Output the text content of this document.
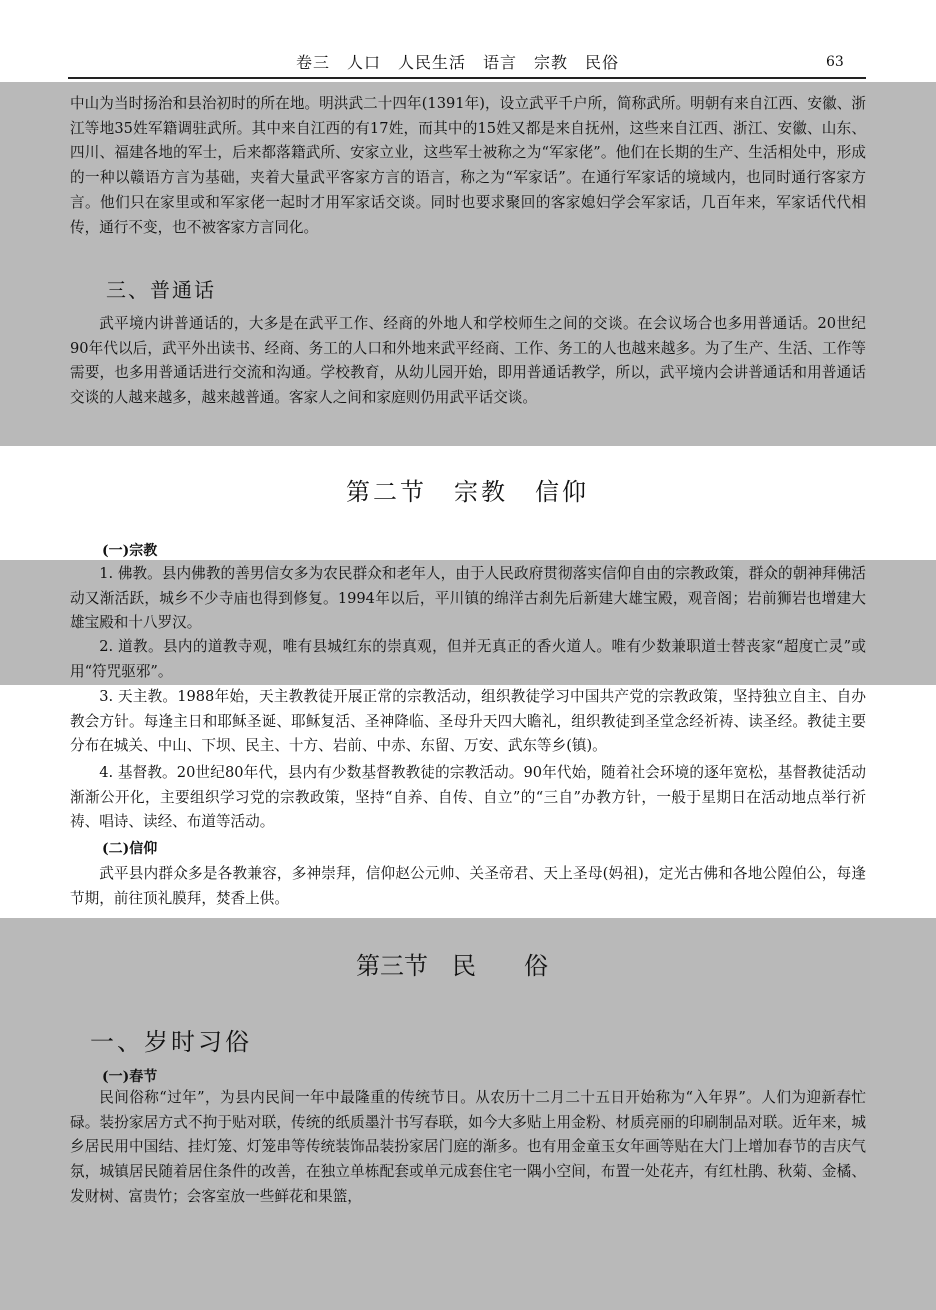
卷三　人口　人民生活　语言　宗教　民俗	63

中山为当时扬治和县治初时的所在地。明洪武二十四年(1391年)，设立武平千户所，简称武所。明朝有来自江西、安徽、浙江等地35姓军籍调驻武所。其中来自江西的有17姓，而其中的15姓又都是来自抚州，这些来自江西、浙江、安徽、山东、四川、福建各地的军士，后来都落籍武所、安家立业，这些军士被称之为“军家佬”。他们在长期的生产、生活相处中，形成的一种以赣语方言为基础，夹着大量武平客家方言的语言，称之为“军家话”。在通行军家话的境域内，也同时通行客家方言。他们只在家里或和军家佬一起时才用军家话交谈。同时也要求聚回的客家媳妇学会军家话，几百年来，军家话代代相传，通行不变，也不被客家方言同化。

三、普通话

武平境内讲普通话的，大多是在武平工作、经商的外地人和学校师生之间的交谈。在会议场合也多用普通话。20世纪90年代以后，武平外出读书、经商、务工的人口和外地来武平经商、工作、务工的人也越来越多。为了生产、生活、工作等需要，也多用普通话进行交流和沟通。学校教育，从幼儿园开始，即用普通话教学，所以，武平境内会讲普通话和用普通话交谈的人越来越多，越来越普通。客家人之间和家庭则仍用武平话交谈。

第二节　宗教　信仰
(一)宗教

1. 佛教。县内佛教的善男信女多为农民群众和老年人，由于人民政府贯彻落实信仰自由的宗教政策，群众的朝神拜佛活动又渐活跃，城乡不少寺庙也得到修复。1994年以后，平川镇的绵洋古刹先后新建大雄宝殿，观音阁；岩前狮岩也增建大雄宝殿和十八罗汉。

2. 道教。县内的道教寺观，唯有县城红东的崇真观，但并无真正的香火道人。唯有少数兼职道士替丧家“超度亡灵”或用“符咒驱邪”。

3. 天主教。1988年始，天主教教徒开展正常的宗教活动，组织教徒学习中国共产党的宗教政策，坚持独立自主、自办教会方针。每逢主日和耶稣圣诞、耶稣复活、圣神降临、圣母升天四大瞻礼，组织教徒到圣堂念经祈祷、读圣经。教徒主要分布在城关、中山、下坝、民主、十方、岩前、中赤、东留、万安、武东等乡(镇)。

4. 基督教。20世纪80年代，县内有少数基督教教徒的宗教活动。90年代始，随着社会环境的逐年宽松，基督教徒活动渐渐公开化，主要组织学习党的宗教政策，坚持“自养、自传、自立”的“三自”办教方针，一般于星期日在活动地点举行祈祷、唱诗、读经、布道等活动。

(二)信仰

武平县内群众多是各教兼容，多神崇拜，信仰赵公元帅、关圣帝君、天上圣母(妈祖)，定光古佛和各地公隍伯公，每逢节期，前往顶礼膜拜，焚香上供。

第三节　民　　俗
一、岁时习俗
(一)春节

民间俗称“过年”，为县内民间一年中最隆重的传统节日。从农历十二月二十五日开始称为“入年界”。人们为迎新春忙碌。装扮家居方式不拘于贴对联，传统的纸质墨汁书写春联，如今大多贴上用金粉、材质亮丽的印刷制品对联。近年来，城乡居民用中国结、挂灯笼、灯笼串等传统装饰品装扮家居门庭的渐多。也有用金童玉女年画等贴在大门上增加春节的吉庆气氛，城镇居民随着居住条件的改善，在独立单栋配套或单元成套住宅一隅小空间，布置一处花卉，有红杜鹃、秋菊、金橘、发财树、富贵竹；会客室放一些鲜花和果篮，
